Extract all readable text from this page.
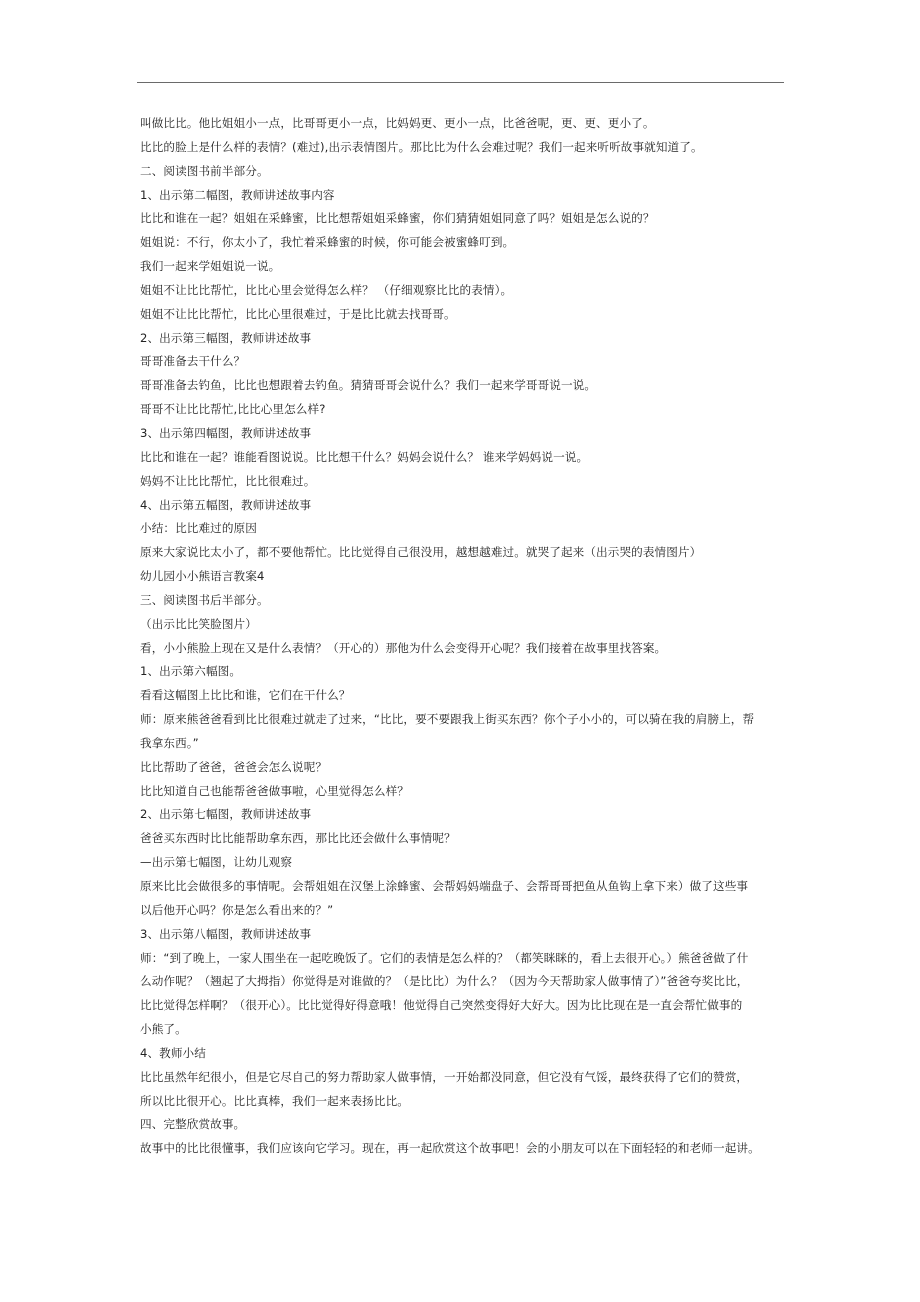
叫做比比。他比姐姐小一点，比哥哥更小一点，比妈妈更、更小一点，比爸爸呢，更、更、更小了。
比比的脸上是什么样的表情？(难过),出示表情图片。那比比为什么会难过呢？我们一起来听听故事就知道了。
二、阅读图书前半部分。
1、出示第二幅图，教师讲述故事内容
比比和谁在一起？姐姐在采蜂蜜，比比想帮姐姐采蜂蜜，你们猜猜姐姐同意了吗？姐姐是怎么说的？
姐姐说：不行，你太小了，我忙着采蜂蜜的时候，你可能会被蜜蜂叮到。
我们一起来学姐姐说一说。
姐姐不让比比帮忙，比比心里会觉得怎么样？ （仔细观察比比的表情）。
姐姐不让比比帮忙，比比心里很难过，于是比比就去找哥哥。
2、出示第三幅图，教师讲述故事
哥哥准备去干什么？
哥哥准备去钓鱼，比比也想跟着去钓鱼。猜猜哥哥会说什么？我们一起来学哥哥说一说。
哥哥不让比比帮忙,比比心里怎么样?
3、出示第四幅图，教师讲述故事
比比和谁在一起？谁能看图说说。比比想干什么？妈妈会说什么？ 谁来学妈妈说一说。
妈妈不让比比帮忙，比比很难过。
4、出示第五幅图，教师讲述故事
小结：比比难过的原因
原来大家说比太小了，都不要他帮忙。比比觉得自己很没用，越想越难过。就哭了起来（出示哭的表情图片）
幼儿园小小熊语言教案4
三、阅读图书后半部分。
（出示比比笑脸图片）
看，小小熊脸上现在又是什么表情？（开心的）那他为什么会变得开心呢？我们接着在故事里找答案。
1、出示第六幅图。
看看这幅图上比比和谁，它们在干什么？
师：原来熊爸爸看到比比很难过就走了过来，“比比，要不要跟我上街买东西？你个子小小的，可以骑在我的肩膀上，帮
我拿东西。”
比比帮助了爸爸，爸爸会怎么说呢？
比比知道自己也能帮爸爸做事啦，心里觉得怎么样？
2、出示第七幅图，教师讲述故事
爸爸买东西时比比能帮助拿东西，那比比还会做什么事情呢？
—出示第七幅图，让幼儿观察
原来比比会做很多的事情呢。会帮姐姐在汉堡上涂蜂蜜、会帮妈妈端盘子、会帮哥哥把鱼从鱼钩上拿下来）做了这些事
以后他开心吗？你是怎么看出来的？”
3、出示第八幅图，教师讲述故事
师：“到了晚上，一家人围坐在一起吃晚饭了。它们的表情是怎么样的？（都笑眯眯的，看上去很开心。）熊爸爸做了什
么动作呢？（翘起了大拇指）你觉得是对谁做的？（是比比）为什么？（因为今天帮助家人做事情了）”爸爸夸奖比比，
比比觉得怎样啊？（很开心）。比比觉得好得意哦！他觉得自己突然变得好大好大。因为比比现在是一直会帮忙做事的
小熊了。
4、教师小结
比比虽然年纪很小，但是它尽自己的努力帮助家人做事情，一开始都没同意，但它没有气馁，最终获得了它们的赞赏，
所以比比很开心。比比真棒，我们一起来表扬比比。
四、完整欣赏故事。
故事中的比比很懂事，我们应该向它学习。现在，再一起欣赏这个故事吧！会的小朋友可以在下面轻轻的和老师一起讲。
